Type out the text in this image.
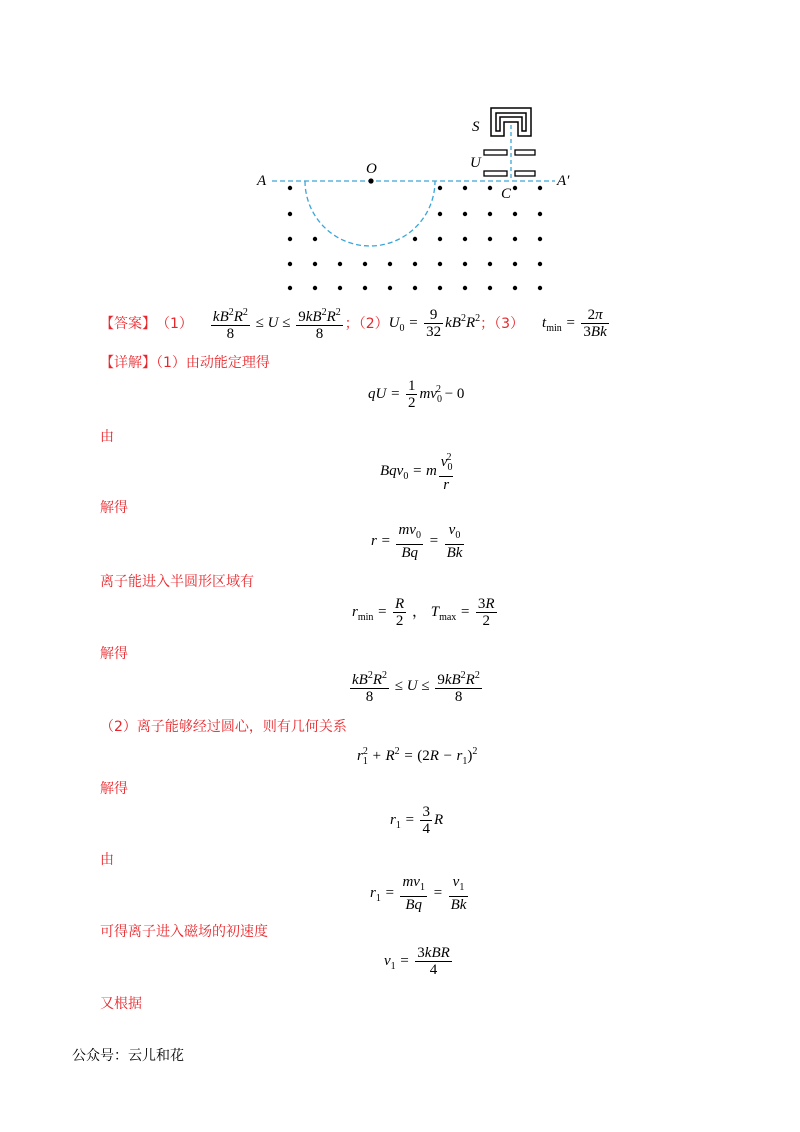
A	A′
O
S
U
C
【答案】 $(1) \frac{kB^2R^2}{8} \le U \le \frac{9kB^2R^2}{8}$ ；（2） $U_0 = \frac{9}{32} kB^2R^2$ ；（3） $t_{min} = \frac{2\pi}{3Bk}$
【详解】（1）由动能定理得
qU = $\frac{1}{2} mv_0^2 - 0$
由
Bqv$_0$ = m $\frac{v_0^2}{r}$
解得
$r = \frac{mv_0}{Bq} = \frac{v_0}{Bk}$
离子能进入半圆形区域有
$r_{min} = \frac{R}{2}$ ， $T_{max} = \frac{3R}{2}$
解得
$\frac{kB^2R^2}{8} \le U \le \frac{9kB^2R^2}{8}$
（2）离子能够经过圆心，则有几何关系
$r_1^2 + R^2 = (2R - r_1)^2$
解得
$r_1 = \frac{3}{4}$ R
由
$r_1 = \frac{mv_1}{Bq} = \frac{v_1}{Bk}$
可得离子进入磁场的初速度
$v_1 = \frac{\text{3kBR}}{4}$
又根据
公众号：云儿和花
